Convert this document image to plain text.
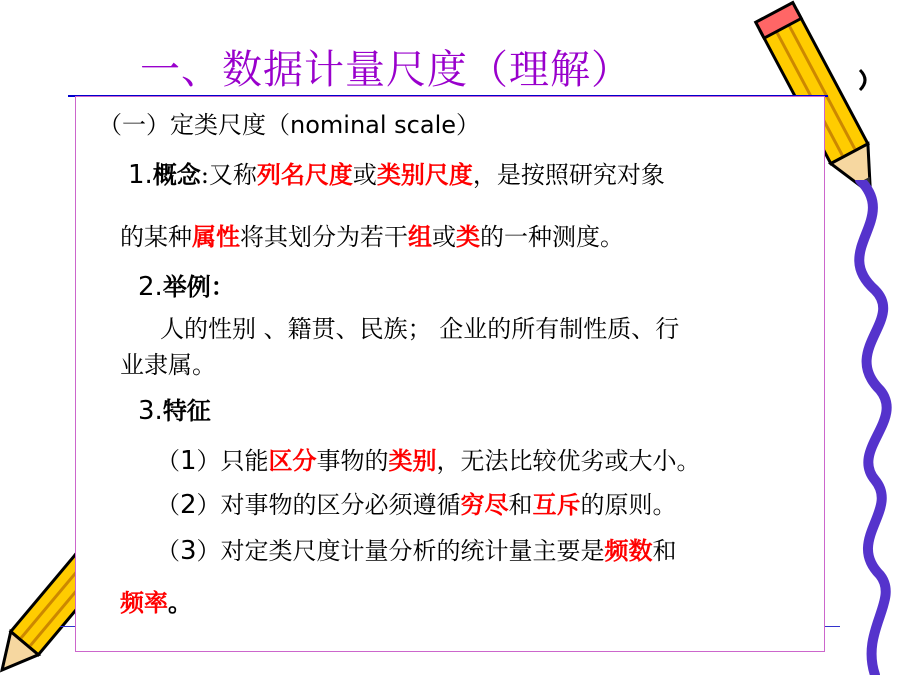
一、数据计量尺度（理解）
（一）定类尺度（nominal scale）
1.概念:又称列名尺度或类别尺度，是按照研究对象
的某种属性将其划分为若干组或类的一种测度。
2.举例：
人的性别 、籍贯、民族； 企业的所有制性质、行
业隶属。
3.特征
（1）只能区分事物的类别，无法比较优劣或大小。
（2）对事物的区分必须遵循穷尽和互斥的原则。
（3）对定类尺度计量分析的统计量主要是频数和
频率。
